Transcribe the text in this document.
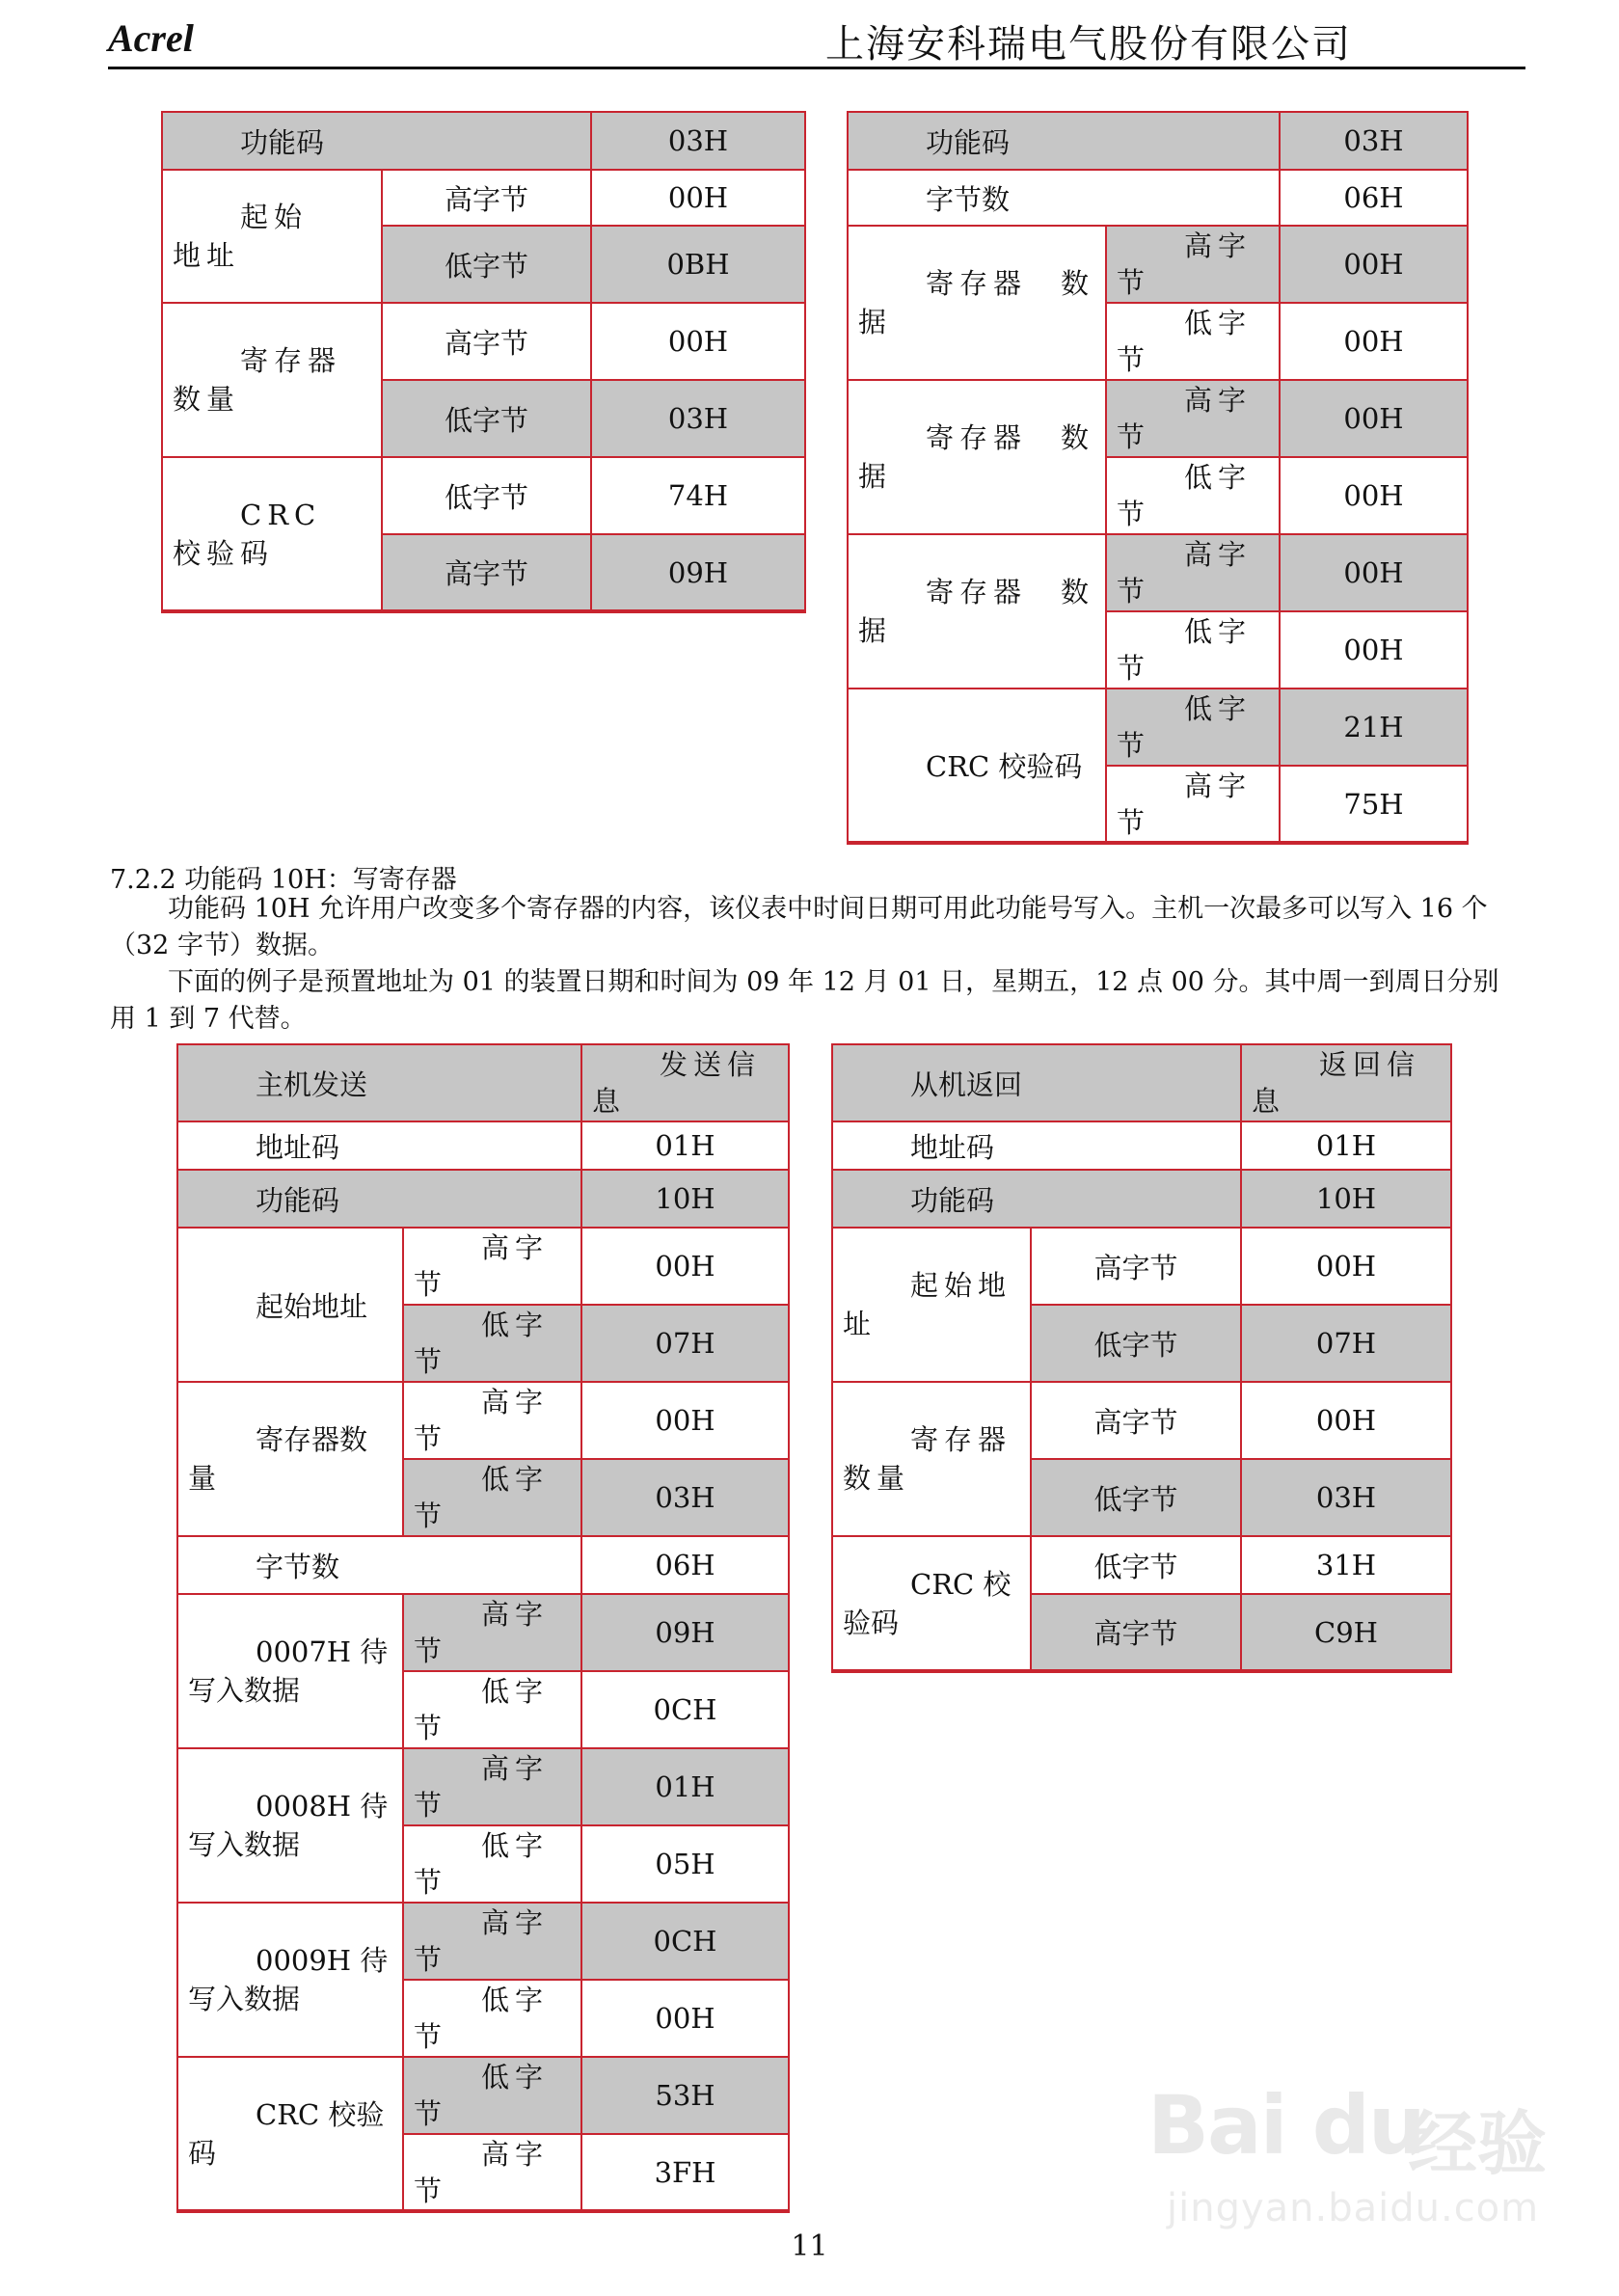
Acrel	上海安科瑞电气股份有限公司
功能码		03H
起始　地址	高字节	00H
	低字节	0BH
寄存器数量	高字节	00H
	低字节	03H
CRC　校验码	低字节	74H
	高字节	09H
功能码		03H
字节数		06H
寄存器　数据	高字节	00H
	低字节	00H
寄存器　数据	高字节	00H
	低字节	00H
寄存器　数据	高字节	00H
	低字节	00H
CRC 校验码	低字节	21H
	高字节	75H
7.2.2 功能码 10H：写寄存器
功能码 10H 允许用户改变多个寄存器的内容，该仪表中时间日期可用此功能号写入。主机一次最多可以写入 16 个（32 字节）数据。
下面的例子是预置地址为 01 的装置日期和时间为 09 年 12 月 01 日，星期五，12 点 00 分。其中周一到周日分别用 1 到 7 代替。
主机发送		发送信息
地址码		01H
功能码		10H
起始地址	高字节	00H
	低字节	07H
寄存器数量	高字节	00H
	低字节	03H
字节数		06H
0007H 待写入数据	高字节	09H
	低字节	0CH
0008H 待写入数据	高字节	01H
	低字节	05H
0009H 待写入数据	高字节	0CH
	低字节	00H
CRC 校验码	低字节	53H
	高字节	3FH
从机返回		返回信息
地址码		01H
功能码		10H
起始地址	高字节	00H
	低字节	07H
寄存器数量	高字节	00H
	低字节	03H
CRC 校验码	低字节	31H
	高字节	C9H
11
Bai du
经验
jingyan.baidu.com
